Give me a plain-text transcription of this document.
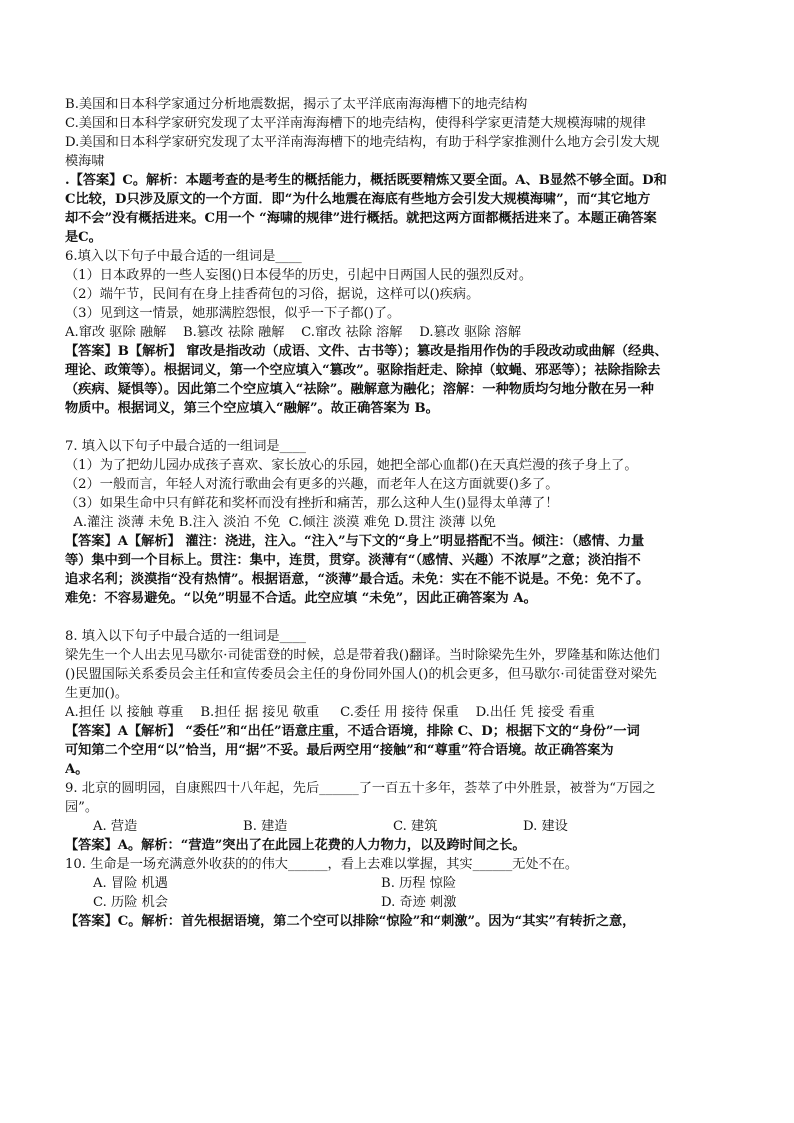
B.美国和日本科学家通过分析地震数据，揭示了太平洋底南海海槽下的地壳结构
C.美国和日本科学家研究发现了太平洋南海海槽下的地壳结构，使得科学家更清楚大规模海啸的规律
D.美国和日本科学家研究发现了太平洋南海海槽下的地壳结构，有助于科学家推测什么地方会引发大规
模海啸
.【答案】C。解析：本题考查的是考生的概括能力，概括既要精炼又要全面。A、B显然不够全面。D和
C比较，D只涉及原文的一个方面．即“为什么地震在海底有些地方会引发大规模海啸”，而“其它地方
却不会”没有概括进来。C用一个 “海啸的规律”进行概括。就把这两方面都概括进来了。本题正确答案
是C。
6.填入以下句子中最合适的一组词是____
（1）日本政界的一些人妄图()日本侵华的历史，引起中日两国人民的强烈反对。
（2）端午节，民间有在身上挂香荷包的习俗，据说，这样可以()疾病。
（3）见到这一情景，她那满腔怨恨，似乎一下子都()了。
A.窜改 驱除 融解    B.篡改 祛除 融解    C.窜改 祛除 溶解    D.篡改 驱除 溶解
【答案】B【解析】 窜改是指改动（成语、文件、古书等）；篡改是指用作伪的手段改动或曲解（经典、
理论、政策等）。根据词义，第一个空应填入“篡改”。驱除指赶走、除掉（蚊蝇、邪恶等）；祛除指除去
（疾病、疑惧等）。因此第二个空应填入“祛除”。融解意为融化；溶解：一种物质均匀地分散在另一种
物质中。根据词义，第三个空应填入“融解”。故正确答案为 B。
7. 填入以下句子中最合适的一组词是____
（1）为了把幼儿园办成孩子喜欢、家长放心的乐园，她把全部心血都()在天真烂漫的孩子身上了。
（2）一般而言，年轻人对流行歌曲会有更多的兴趣，而老年人在这方面就要()多了。
（3）如果生命中只有鲜花和奖杯而没有挫折和痛苦，那么这种人生()显得太单薄了！
A.灌注 淡薄 未免 B.注入 淡泊 不免  C.倾注 淡漠 难免 D.贯注 淡薄 以免
【答案】A【解析】 灌注：浇进，注入。“注入”与下文的“身上”明显搭配不当。倾注：（感情、力量
等）集中到一个目标上。贯注：集中，连贯，贯穿。淡薄有“（感情、兴趣）不浓厚”之意；淡泊指不
追求名利；淡漠指“没有热情”。根据语意，“淡薄”最合适。未免：实在不能不说是。不免：免不了。
难免：不容易避免。“以免”明显不合适。此空应填 “未免”，因此正确答案为 A。
8. 填入以下句子中最合适的一组词是____
梁先生一个人出去见马歇尔·司徒雷登的时候，总是带着我()翻译。当时除梁先生外，罗隆基和陈达他们
()民盟国际关系委员会主任和宣传委员会主任的身份同外国人()的机会更多，但马歇尔·司徒雷登对梁先
生更加()。
A.担任 以 接触 尊重    B.担任 据 接见 敬重     C.委任 用 接待 保重    D.出任 凭 接受 看重
【答案】A【解析】 “委任”和“出任”语意庄重，不适合语境，排除 C、D；根据下文的“身份”一词
可知第二个空用“以”恰当，用“据”不妥。最后两空用“接触”和“尊重”符合语境。故正确答案为
A。
9. 北京的圆明园，自康熙四十八年起，先后______了一百五十多年，荟萃了中外胜景，被誉为“万园之
园”。
A. 营造	B. 建造	C. 建筑	D. 建设
【答案】A。解析：“营造”突出了在此园上花费的人力物力，以及跨时间之长。
10. 生命是一场充满意外收获的的伟大______，看上去难以掌握，其实______无处不在。
A. 冒险 机遇	B. 历程 惊险
C. 历险 机会	D. 奇迹 刺激
【答案】C。解析：首先根据语境，第二个空可以排除“惊险”和“刺激”。因为“其实”有转折之意，
